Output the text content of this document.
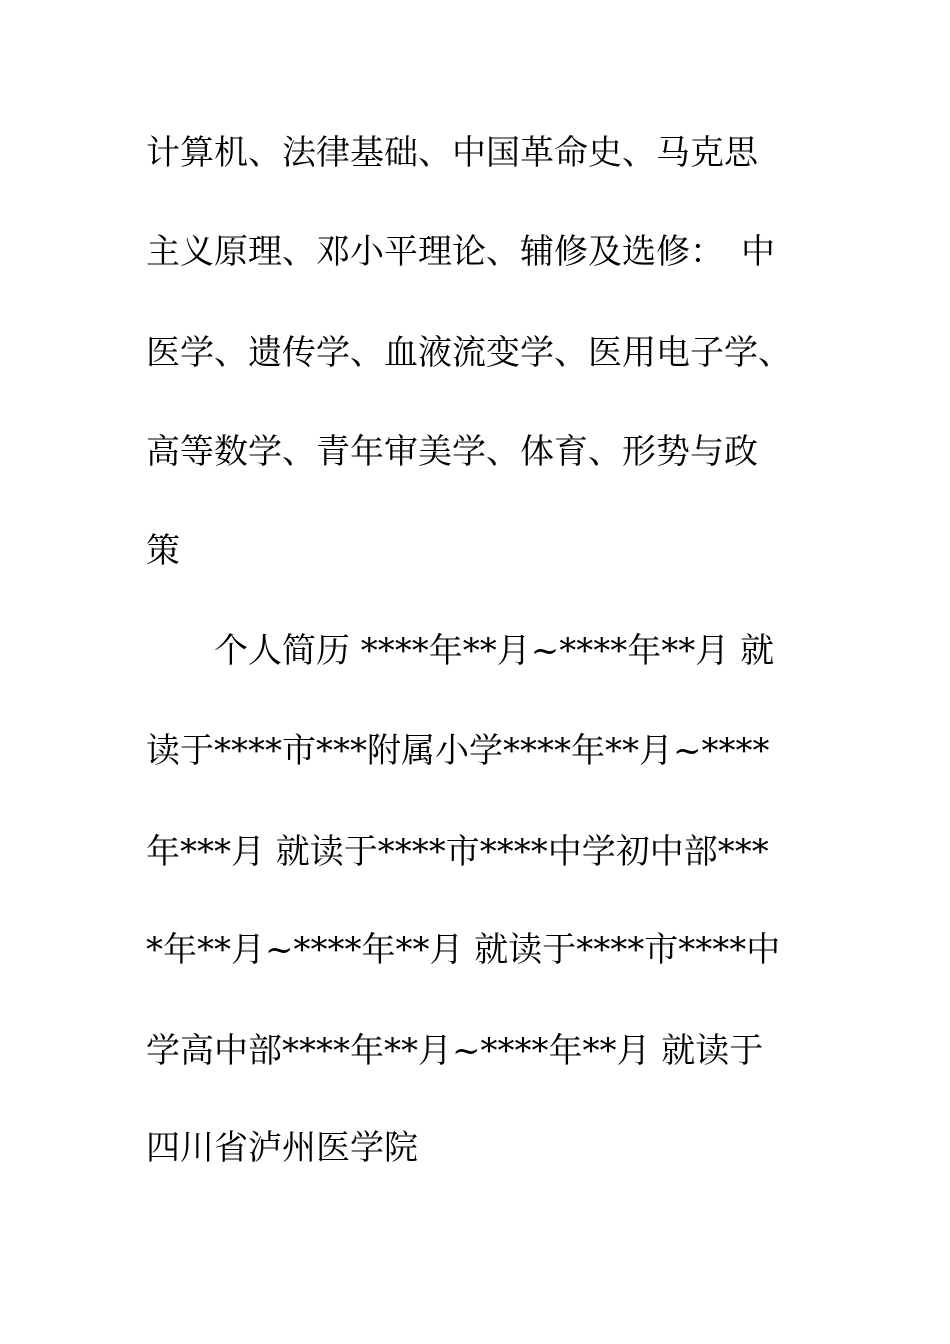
计算机、法律基础、中国革命史、马克思
主义原理、邓小平理论、辅修及选修：　中
医学、遗传学、血液流变学、医用电子学、
高等数学、青年审美学、体育、形势与政
策
个人简历 ****年**月~****年**月 就
读于****市***附属小学****年**月~****
年***月 就读于****市****中学初中部***
*年**月~****年**月 就读于****市****中
学高中部****年**月~****年**月 就读于
四川省泸州医学院
